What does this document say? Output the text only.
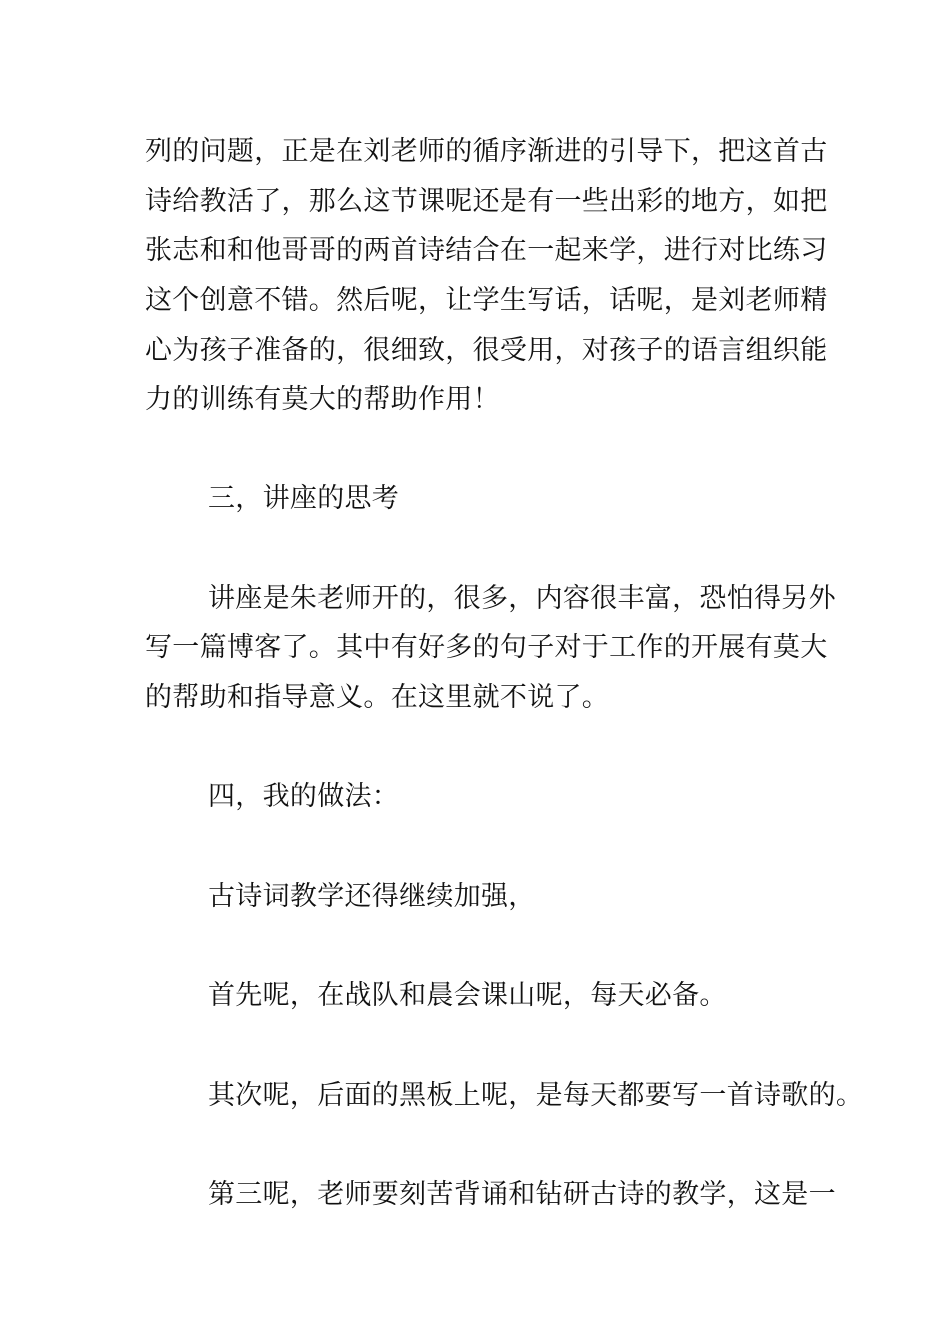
列的问题，正是在刘老师的循序渐进的引导下，把这首古
诗给教活了，那么这节课呢还是有一些出彩的地方，如把
张志和和他哥哥的两首诗结合在一起来学，进行对比练习
这个创意不错。然后呢，让学生写话，话呢，是刘老师精
心为孩子准备的，很细致，很受用，对孩子的语言组织能
力的训练有莫大的帮助作用！
三，讲座的思考
讲座是朱老师开的，很多，内容很丰富，恐怕得另外
写一篇博客了。其中有好多的句子对于工作的开展有莫大
的帮助和指导意义。在这里就不说了。
四，我的做法：
古诗词教学还得继续加强，
首先呢，在战队和晨会课山呢，每天必备。
其次呢，后面的黑板上呢，是每天都要写一首诗歌的。
第三呢，老师要刻苦背诵和钻研古诗的教学，这是一
